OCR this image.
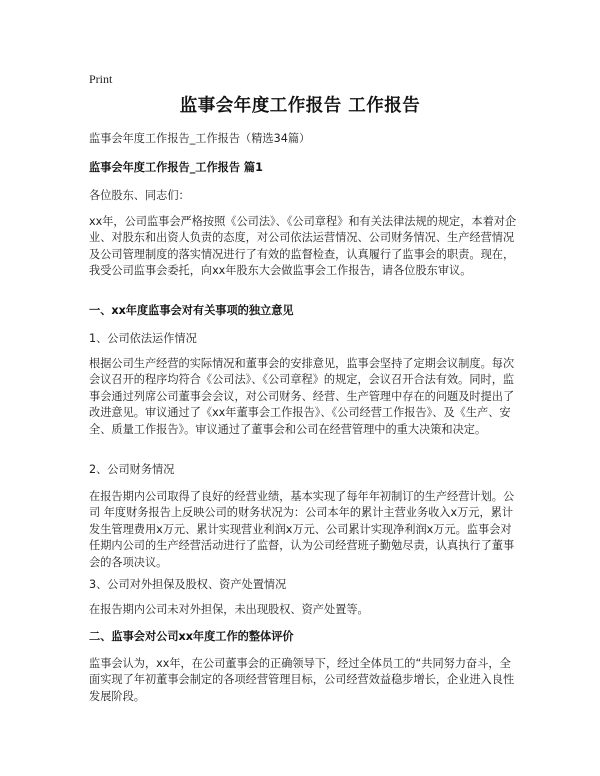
Print
监事会年度工作报告 工作报告

监事会年度工作报告_工作报告（精选34篇）

监事会年度工作报告_工作报告 篇1

各位股东、同志们：

xx年，公司监事会严格按照《公司法》、《公司章程》和有关法律法规的规定，本着对企业、对股东和出资人负责的态度，对公司依法运营情况、公司财务情况、生产经营情况及公司管理制度的落实情况进行了有效的监督检查，认真履行了监事会的职责。现在，我受公司监事会委托，向xx年股东大会做监事会工作报告，请各位股东审议。

一、xx年度监事会对有关事项的独立意见

1、公司依法运作情况

根据公司生产经营的实际情况和董事会的安排意见，监事会坚持了定期会议制度。每次会议召开的程序均符合《公司法》、《公司章程》的规定，会议召开合法有效。同时，监事会通过列席公司董事会会议，对公司财务、经营、生产管理中存在的问题及时提出了改进意见。审议通过了《xx年董事会工作报告》、《公司经营工作报告》、及《生产、安全、质量工作报告》。审议通过了董事会和公司在经营管理中的重大决策和决定。

2、公司财务情况

在报告期内公司取得了良好的经营业绩，基本实现了每年年初制订的生产经营计划。公司 年度财务报告上反映公司的财务状况为：公司本年的累计主营业务收入x万元，累计发生管理费用x万元、累计实现营业利润x万元、公司累计实现净利润x万元。监事会对任期内公司的生产经营活动进行了监督，认为公司经营班子勤勉尽责，认真执行了董事会的各项决议。

3、公司对外担保及股权、资产处置情况

在报告期内公司未对外担保，未出现股权、资产处置等。

二、监事会对公司xx年度工作的整体评价

监事会认为，xx年，在公司董事会的正确领导下，经过全体员工的“共同努力奋斗，全面实现了年初董事会制定的各项经营管理目标，公司经营效益稳步增长，企业进入良性发展阶段。
